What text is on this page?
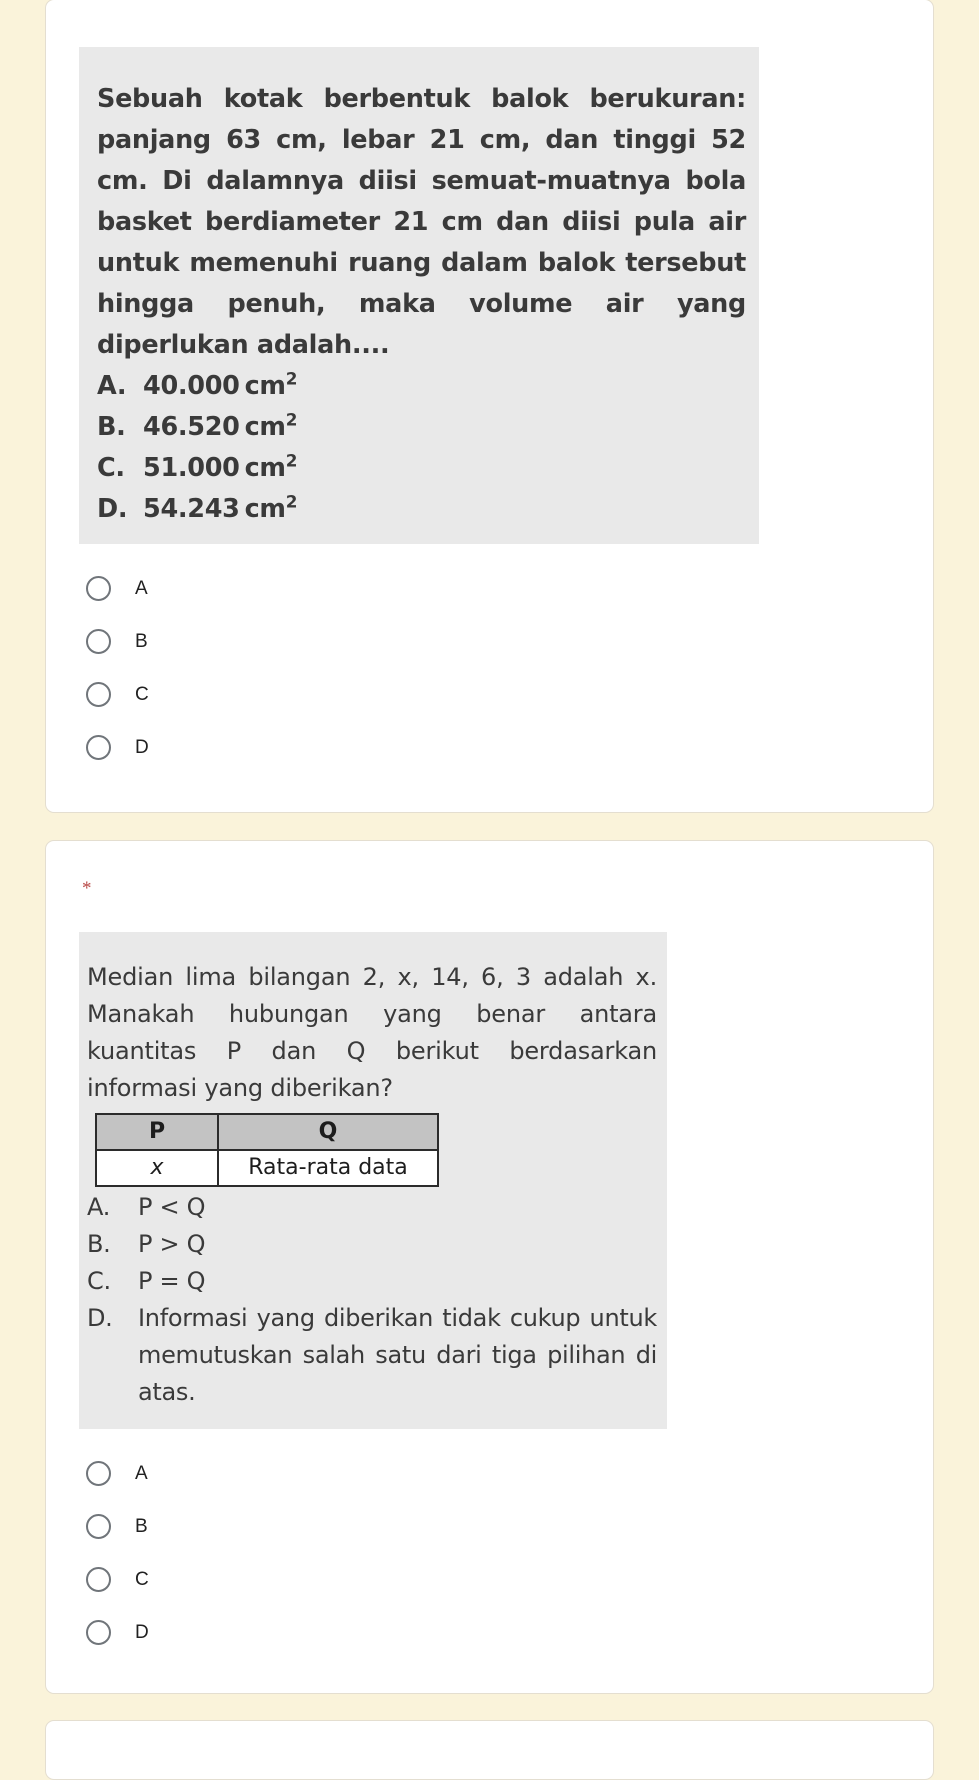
Sebuah kotak berbentuk balok berukuran: panjang 63 cm, lebar 21 cm, dan tinggi 52 cm. Di dalamnya diisi semuat-muatnya bola basket berdiameter 21 cm dan diisi pula air untuk memenuhi ruang dalam balok tersebut hingga penuh, maka volume air yang diperlukan adalah....
A. 40.000 $cm^2$
B. 46.520 $cm^2$
C. 51.000 $cm^2$
D. 54.243 $cm^2$
A
B
C
D
*
Median lima bilangan 2, x, 14, 6, 3 adalah x. Manakah hubungan yang benar antara kuantitas P dan Q berikut berdasarkan informasi yang diberikan?
P	Q
x	Rata-rata data
A.	P < Q
B.	P > Q
C.	P = Q
D.	Informasi yang diberikan tidak cukup untuk memutuskan salah satu dari tiga pilihan di atas.
A
B
C
D
